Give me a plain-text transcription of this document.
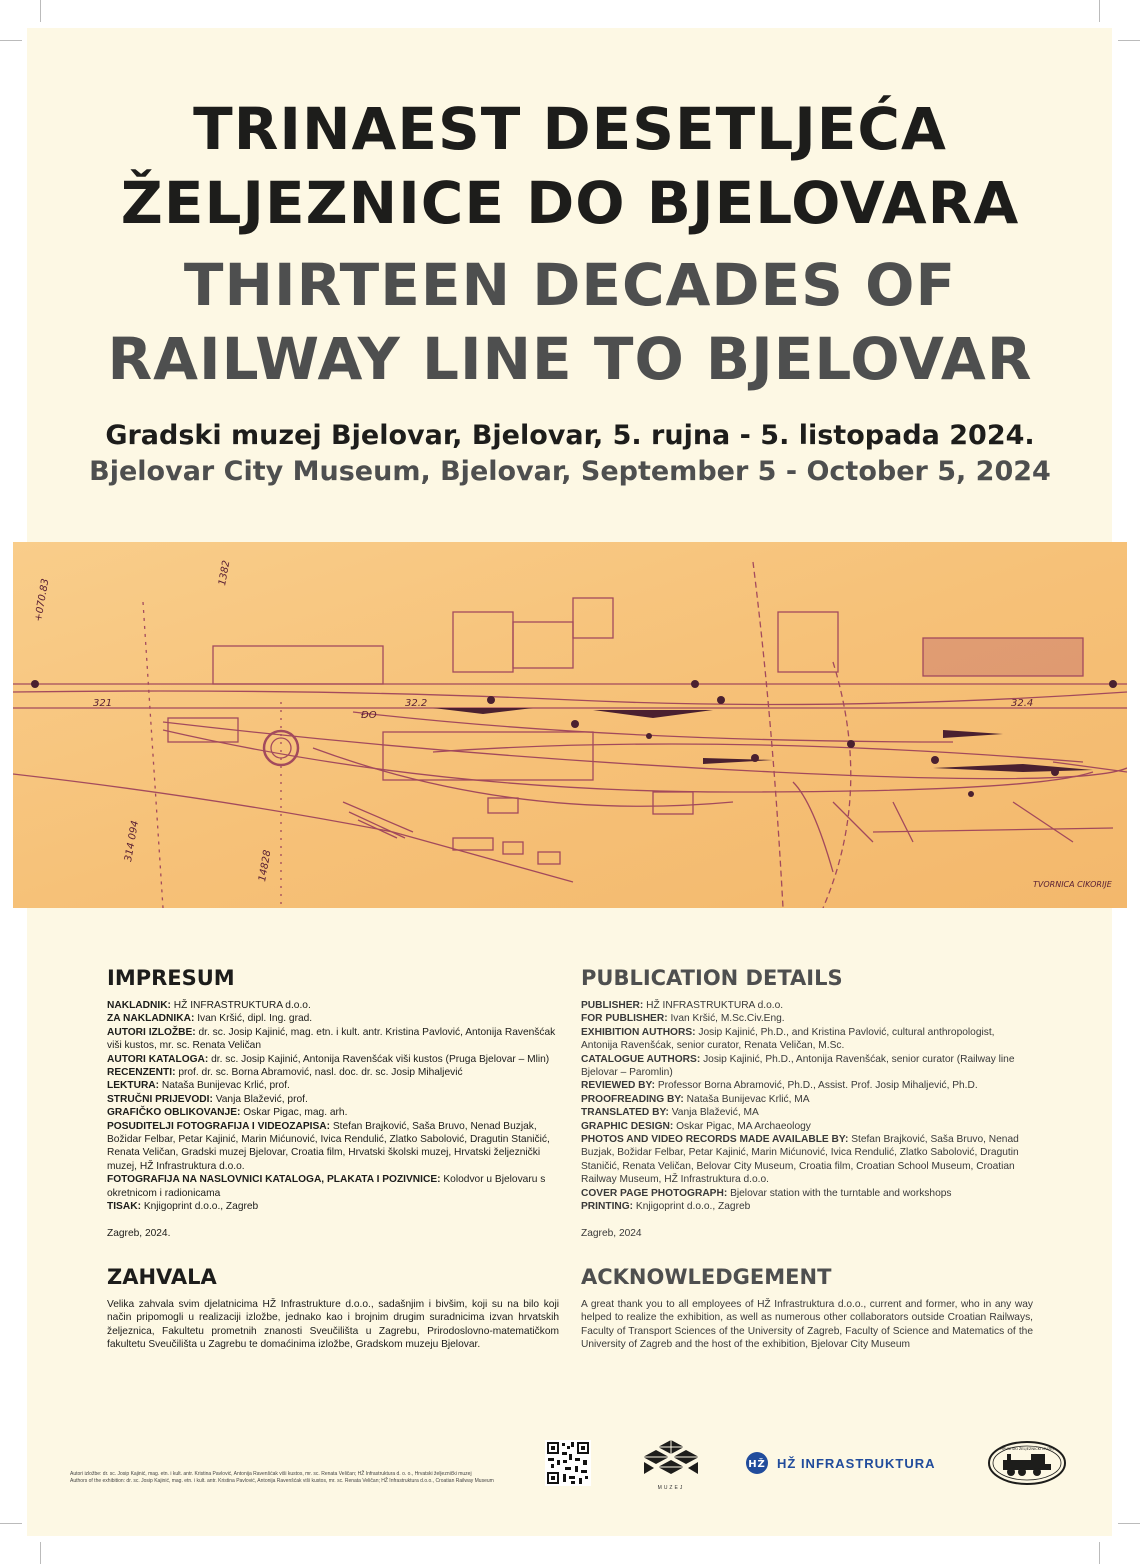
TRINAEST DESETLJEĆA
ŽELJEZNICE DO BJELOVARA
THIRTEEN DECADES OF
RAILWAY LINE TO BJELOVAR
Gradski muzej Bjelovar, Bjelovar, 5. rujna - 5. listopada 2024.
Bjelovar City Museum, Bjelovar, September 5 - October 5, 2024
321	32.2	32.4
ĐO
TVORNICA CIKORIJE
+070.83
1382
314 094
14828
IMPRESUM

NAKLADNIK: HŽ INFRASTRUKTURA d.o.o.

ZA NAKLADNIKA: Ivan Kršić, dipl. Ing. grad.

AUTORI IZLOŽBE: dr. sc. Josip Kajinić, mag. etn. i kult. antr. Kristina Pavlović, Antonija Ravenšćak viši kustos, mr. sc. Renata Veličan

AUTORI KATALOGA: dr. sc. Josip Kajinić, Antonija Ravenšćak viši kustos (Pruga Bjelovar – Mlin)

RECENZENTI: prof. dr. sc. Borna Abramović, nasl. doc. dr. sc. Josip Mihaljević

LEKTURA: Nataša Bunijevac Krlić, prof.

STRUČNI PRIJEVODI: Vanja Blažević, prof.

GRAFIČKO OBLIKOVANJE: Oskar Pigac, mag. arh.

POSUDITELJI FOTOGRAFIJA I VIDEOZAPISA: Stefan Brajković, Saša Bruvo, Nenad Buzjak, Božidar Felbar, Petar Kajinić, Marin Mićunović, Ivica Rendulić, Zlatko Sabolović, Dragutin Staničić, Renata Veličan, Gradski muzej Bjelovar, Croatia film, Hrvatski školski muzej, Hrvatski željeznički muzej, HŽ Infrastruktura d.o.o.

FOTOGRAFIJA NA NASLOVNICI KATALOGA, PLAKATA I POZIVNICE: Kolodvor u Bjelovaru s okretnicom i radionicama

TISAK: Knjigoprint d.o.o., Zagreb

Zagreb, 2024.

ZAHVALA

Velika zahvala svim djelatnicima HŽ Infrastrukture d.o.o., sadašnjim i bivšim, koji su na bilo koji način pripomogli u realizaciji izložbe, jednako kao i brojnim drugim suradnicima izvan hrvatskih željeznica, Fakultetu prometnih znanosti Sveučilišta u Zagrebu, Prirodoslovno-matematičkom fakultetu Sveučilišta u Zagrebu te domaćinima izložbe, Gradskom muzeju Bjelovar.

PUBLICATION DETAILS

PUBLISHER: HŽ INFRASTRUKTURA d.o.o.

FOR PUBLISHER: Ivan Kršić, M.Sc.Civ.Eng.

EXHIBITION AUTHORS: Josip Kajinić, Ph.D., and Kristina Pavlović, cultural anthropologist, Antonija Ravenšćak, senior curator, Renata Veličan, M.Sc.

CATALOGUE AUTHORS: Josip Kajinić, Ph.D., Antonija Ravenšćak, senior curator (Railway line Bjelovar – Paromlin)

REVIEWED BY: Professor Borna Abramović, Ph.D., Assist. Prof. Josip Mihaljević, Ph.D.

PROOFREADING BY: Nataša Bunijevac Krlić, MA

TRANSLATED BY: Vanja Blažević, MA

GRAPHIC DESIGN: Oskar Pigac, MA Archaeology

PHOTOS AND VIDEO RECORDS MADE AVAILABLE BY: Stefan Brajković, Saša Bruvo, Nenad Buzjak, Božidar Felbar, Petar Kajinić, Marin Mićunović, Ivica Rendulić, Zlatko Sabolović, Dragutin Staničić, Renata Veličan, Belovar City Museum, Croatia film, Croatian School Museum, Croatian Railway Museum, HŽ Infrastruktura d.o.o.

COVER PAGE PHOTOGRAPH: Bjelovar station with the turntable and workshops

PRINTING: Knjigoprint d.o.o., Zagreb

Zagreb, 2024

ACKNOWLEDGEMENT

A great thank you to all employees of HŽ Infrastruktura d.o.o., current and former, who in any way helped to realize the exhibition, as well as numerous other collaborators outside Croatian Railways, Faculty of Transport Sciences of the University of Zagreb, Faculty of Science and Matematics of the University of Zagreb and the host of the exhibition, Bjelovar City Museum

Autori izložbe: dr. sc. Josip Kajinić, mag. etn. i kult. antr. Kristina Pavlović, Antonija Ravenšćak viši kustos, mr. sc. Renata Veličan; HŽ Infrastruktura d. o. o., Hrvatski željeznički muzej
Authors of the exhibition: dr. sc. Josip Kajinić, mag. etn. i kult. antr. Kristina Pavlović, Antonija Ravenšćak viši kustos, mr. sc. Renata Veličan; HŽ Infrastruktura d.o.o., Croatian Railway Museum
MUZEJ
HŽ HŽ INFRASTRUKTURA
HRVATSKI ŽELJEZNIČKI MUZEJ
